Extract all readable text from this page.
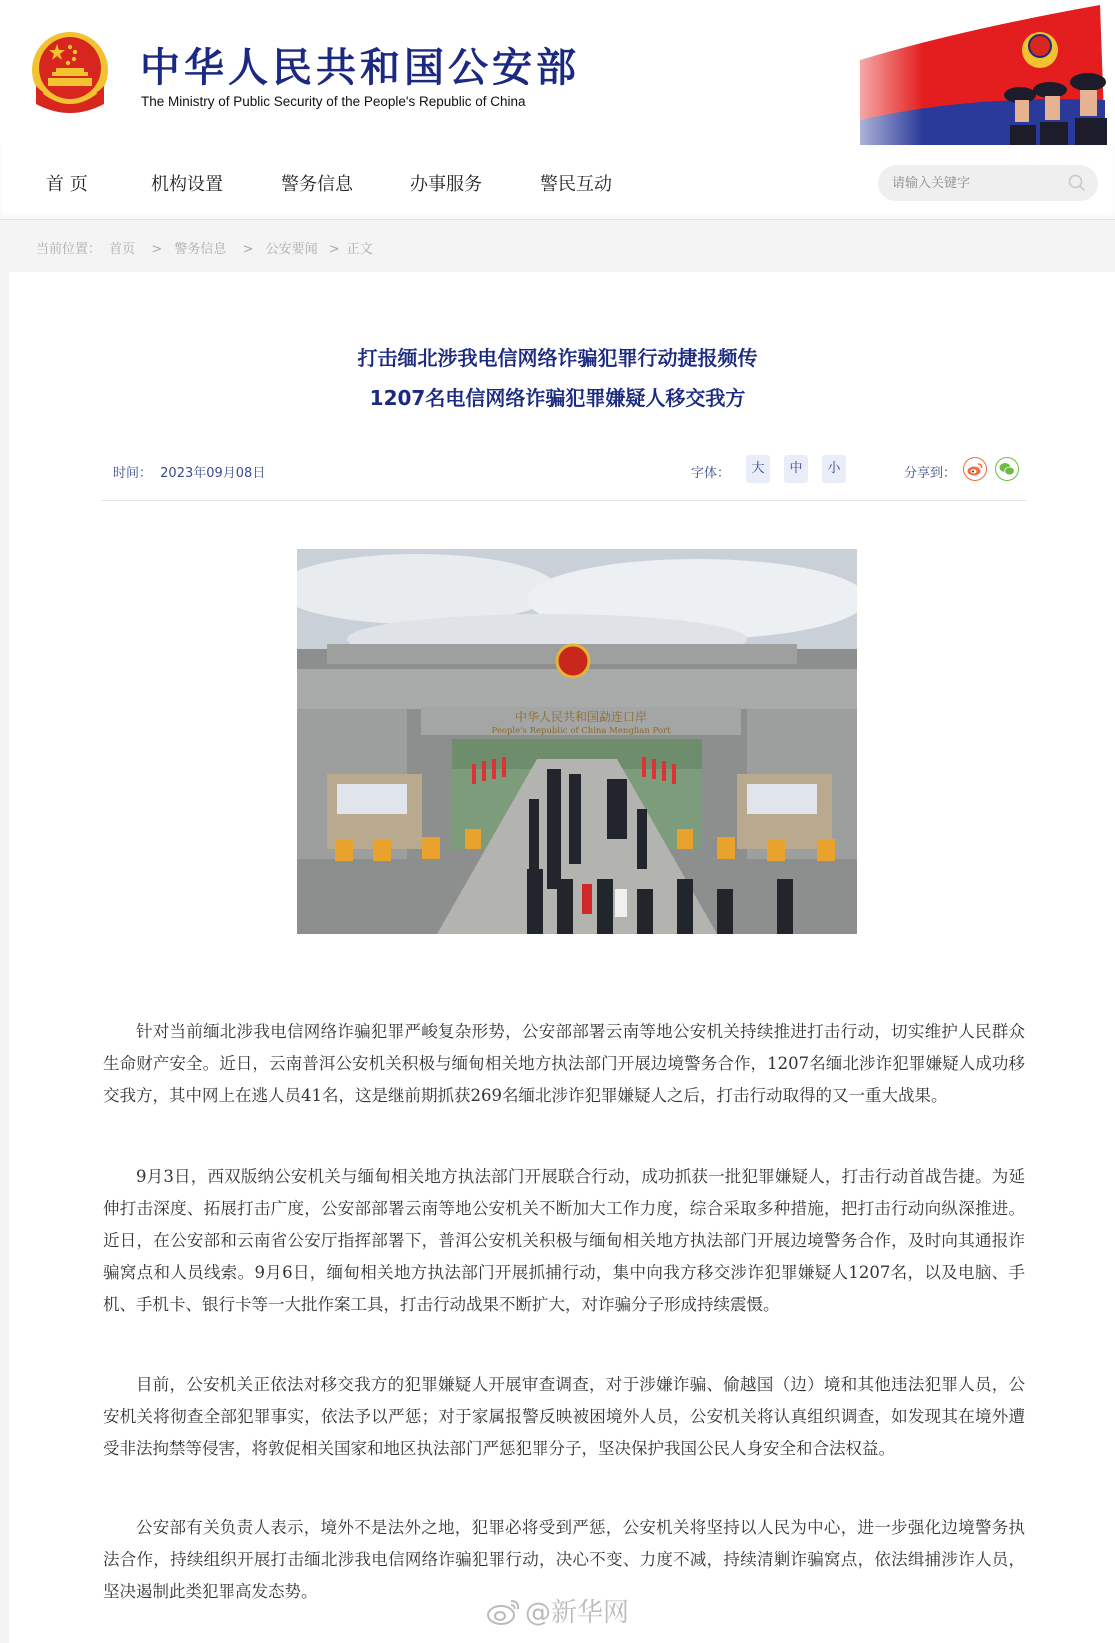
中华人民共和国公安部
The Ministry of Public Security of the People's Republic of China
首 页	机构设置	警务信息	办事服务	警民互动
请输入关键字
当前位置： 首页 > 警务信息 > 公安要闻 > 正文
打击缅北涉我电信网络诈骗犯罪行动捷报频传
1207名电信网络诈骗犯罪嫌疑人移交我方
时间： 2023年09月08日	字体：	大	中	小	分享到：
中华人民共和国勐连口岸
People's Republic of China Menglian Port

针对当前缅北涉我电信网络诈骗犯罪严峻复杂形势，公安部部署云南等地公安机关持续推进打击行动，切实维护人民群众生命财产安全。近日，云南普洱公安机关积极与缅甸相关地方执法部门开展边境警务合作，1207名缅北涉诈犯罪嫌疑人成功移交我方，其中网上在逃人员41名，这是继前期抓获269名缅北涉诈犯罪嫌疑人之后，打击行动取得的又一重大战果。

9月3日，西双版纳公安机关与缅甸相关地方执法部门开展联合行动，成功抓获一批犯罪嫌疑人，打击行动首战告捷。为延伸打击深度、拓展打击广度，公安部部署云南等地公安机关不断加大工作力度，综合采取多种措施，把打击行动向纵深推进。近日，在公安部和云南省公安厅指挥部署下，普洱公安机关积极与缅甸相关地方执法部门开展边境警务合作，及时向其通报诈骗窝点和人员线索。9月6日，缅甸相关地方执法部门开展抓捕行动，集中向我方移交涉诈犯罪嫌疑人1207名，以及电脑、手机、手机卡、银行卡等一大批作案工具，打击行动战果不断扩大，对诈骗分子形成持续震慑。

目前，公安机关正依法对移交我方的犯罪嫌疑人开展审查调查，对于涉嫌诈骗、偷越国（边）境和其他违法犯罪人员，公安机关将彻查全部犯罪事实，依法予以严惩；对于家属报警反映被困境外人员，公安机关将认真组织调查，如发现其在境外遭受非法拘禁等侵害，将敦促相关国家和地区执法部门严惩犯罪分子，坚决保护我国公民人身安全和合法权益。

公安部有关负责人表示，境外不是法外之地，犯罪必将受到严惩，公安机关将坚持以人民为中心，进一步强化边境警务执法合作，持续组织开展打击缅北涉我电信网络诈骗犯罪行动，决心不变、力度不减，持续清剿诈骗窝点，依法缉捕涉诈人员，坚决遏制此类犯罪高发态势。

@新华网
